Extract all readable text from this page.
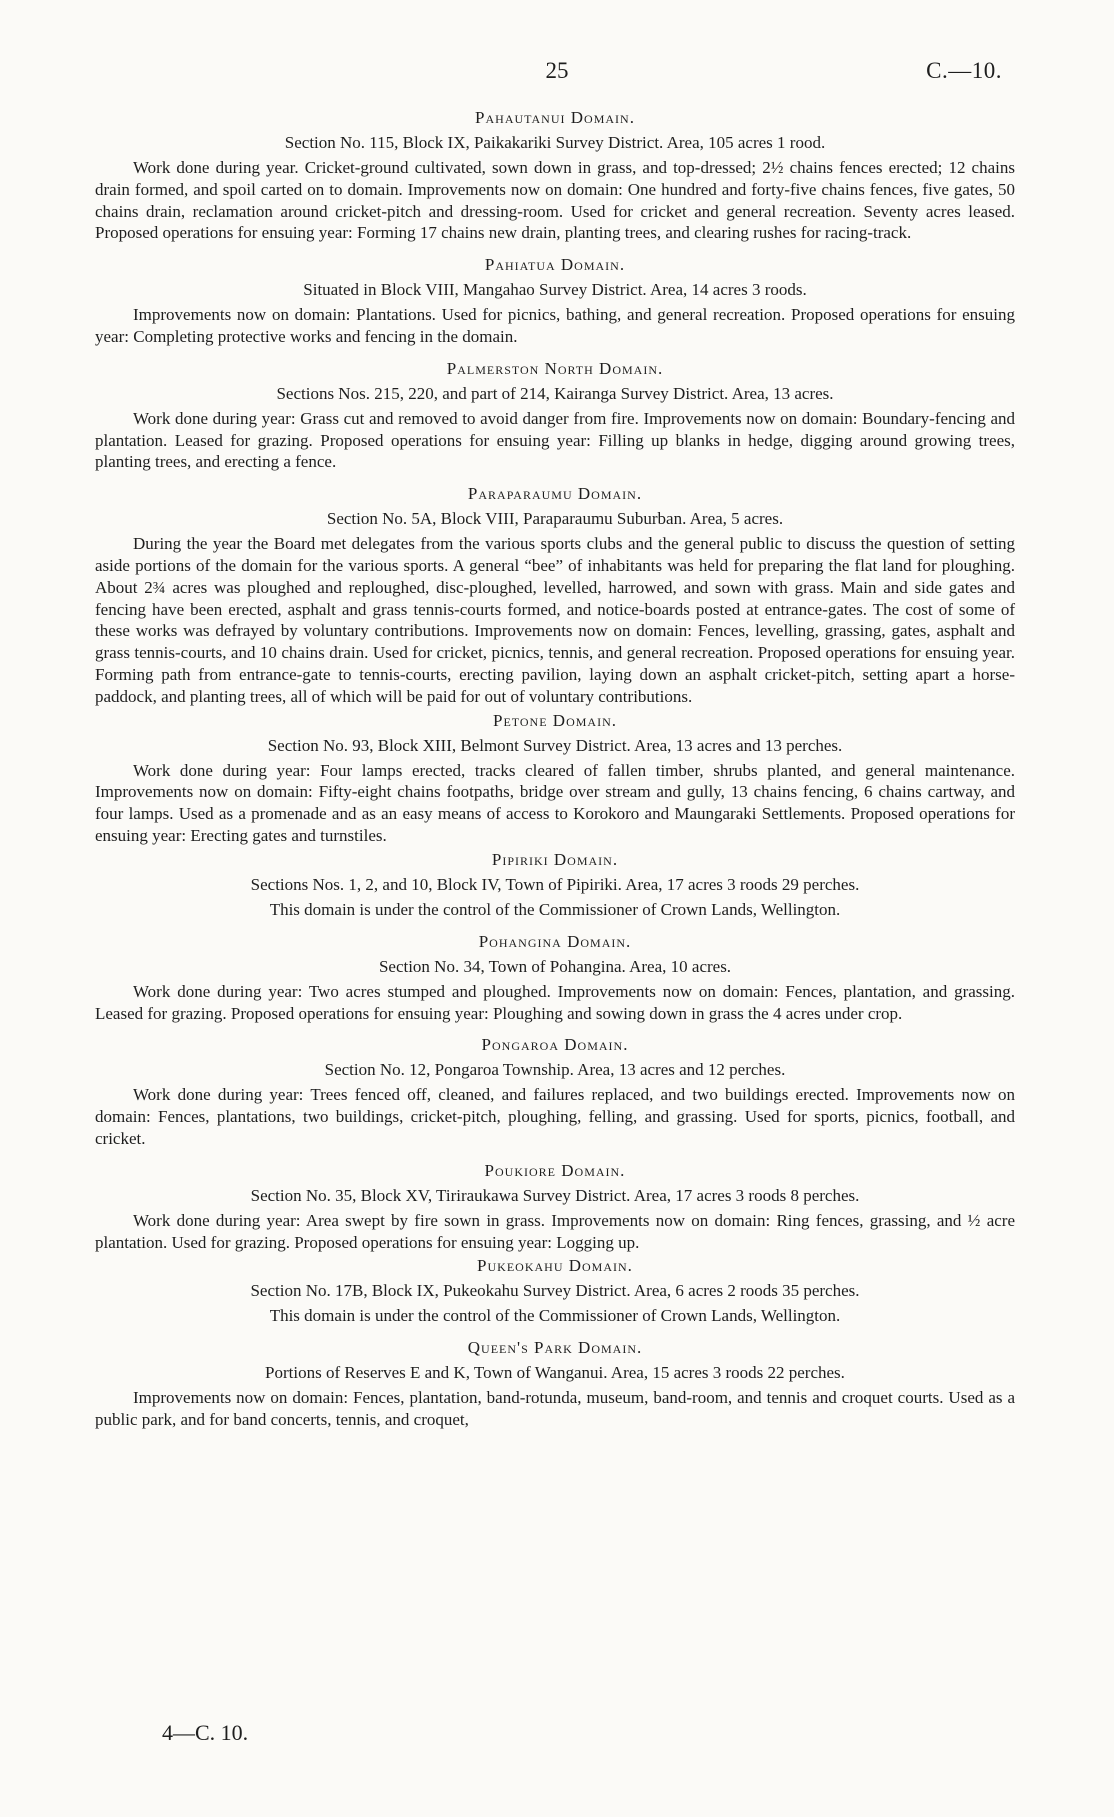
25	C.—10.
Pahautanui Domain.
Section No. 115, Block IX, Paikakariki Survey District. Area, 105 acres 1 rood.

Work done during year. Cricket-ground cultivated, sown down in grass, and top-dressed; 2½ chains fences erected; 12 chains drain formed, and spoil carted on to domain. Improvements now on domain: One hundred and forty-five chains fences, five gates, 50 chains drain, reclamation around cricket-pitch and dressing-room. Used for cricket and general recreation. Seventy acres leased. Proposed operations for ensuing year: Forming 17 chains new drain, planting trees, and clearing rushes for racing-track.

Pahiatua Domain.
Situated in Block VIII, Mangahao Survey District. Area, 14 acres 3 roods.

Improvements now on domain: Plantations. Used for picnics, bathing, and general recreation. Proposed operations for ensuing year: Completing protective works and fencing in the domain.

Palmerston North Domain.
Sections Nos. 215, 220, and part of 214, Kairanga Survey District. Area, 13 acres.

Work done during year: Grass cut and removed to avoid danger from fire. Improvements now on domain: Boundary-fencing and plantation. Leased for grazing. Proposed operations for ensuing year: Filling up blanks in hedge, digging around growing trees, planting trees, and erecting a fence.

Paraparaumu Domain.
Section No. 5A, Block VIII, Paraparaumu Suburban. Area, 5 acres.

During the year the Board met delegates from the various sports clubs and the general public to discuss the question of setting aside portions of the domain for the various sports. A general “bee” of inhabitants was held for preparing the flat land for ploughing. About 2¾ acres was ploughed and reploughed, disc-ploughed, levelled, harrowed, and sown with grass. Main and side gates and fencing have been erected, asphalt and grass tennis-courts formed, and notice-boards posted at entrance-gates. The cost of some of these works was defrayed by voluntary contributions. Improvements now on domain: Fences, levelling, grassing, gates, asphalt and grass tennis-courts, and 10 chains drain. Used for cricket, picnics, tennis, and general recreation. Proposed operations for ensuing year. Forming path from entrance-gate to tennis-courts, erecting pavilion, laying down an asphalt cricket-pitch, setting apart a horse-paddock, and planting trees, all of which will be paid for out of voluntary contributions.

Petone Domain.
Section No. 93, Block XIII, Belmont Survey District. Area, 13 acres and 13 perches.

Work done during year: Four lamps erected, tracks cleared of fallen timber, shrubs planted, and general maintenance. Improvements now on domain: Fifty-eight chains footpaths, bridge over stream and gully, 13 chains fencing, 6 chains cartway, and four lamps. Used as a promenade and as an easy means of access to Korokoro and Maungaraki Settlements. Proposed operations for ensuing year: Erecting gates and turnstiles.

Pipiriki Domain.
Sections Nos. 1, 2, and 10, Block IV, Town of Pipiriki. Area, 17 acres 3 roods 29 perches.
This domain is under the control of the Commissioner of Crown Lands, Wellington.
Pohangina Domain.
Section No. 34, Town of Pohangina. Area, 10 acres.

Work done during year: Two acres stumped and ploughed. Improvements now on domain: Fences, plantation, and grassing. Leased for grazing. Proposed operations for ensuing year: Ploughing and sowing down in grass the 4 acres under crop.

Pongaroa Domain.
Section No. 12, Pongaroa Township. Area, 13 acres and 12 perches.

Work done during year: Trees fenced off, cleaned, and failures replaced, and two buildings erected. Improvements now on domain: Fences, plantations, two buildings, cricket-pitch, ploughing, felling, and grassing. Used for sports, picnics, football, and cricket.

Poukiore Domain.
Section No. 35, Block XV, Tiriraukawa Survey District. Area, 17 acres 3 roods 8 perches.

Work done during year: Area swept by fire sown in grass. Improvements now on domain: Ring fences, grassing, and ½ acre plantation. Used for grazing. Proposed operations for ensuing year: Logging up.

Pukeokahu Domain.
Section No. 17B, Block IX, Pukeokahu Survey District. Area, 6 acres 2 roods 35 perches.
This domain is under the control of the Commissioner of Crown Lands, Wellington.
Queen's Park Domain.
Portions of Reserves E and K, Town of Wanganui. Area, 15 acres 3 roods 22 perches.

Improvements now on domain: Fences, plantation, band-rotunda, museum, band-room, and tennis and croquet courts. Used as a public park, and for band concerts, tennis, and croquet,

4—C. 10.
